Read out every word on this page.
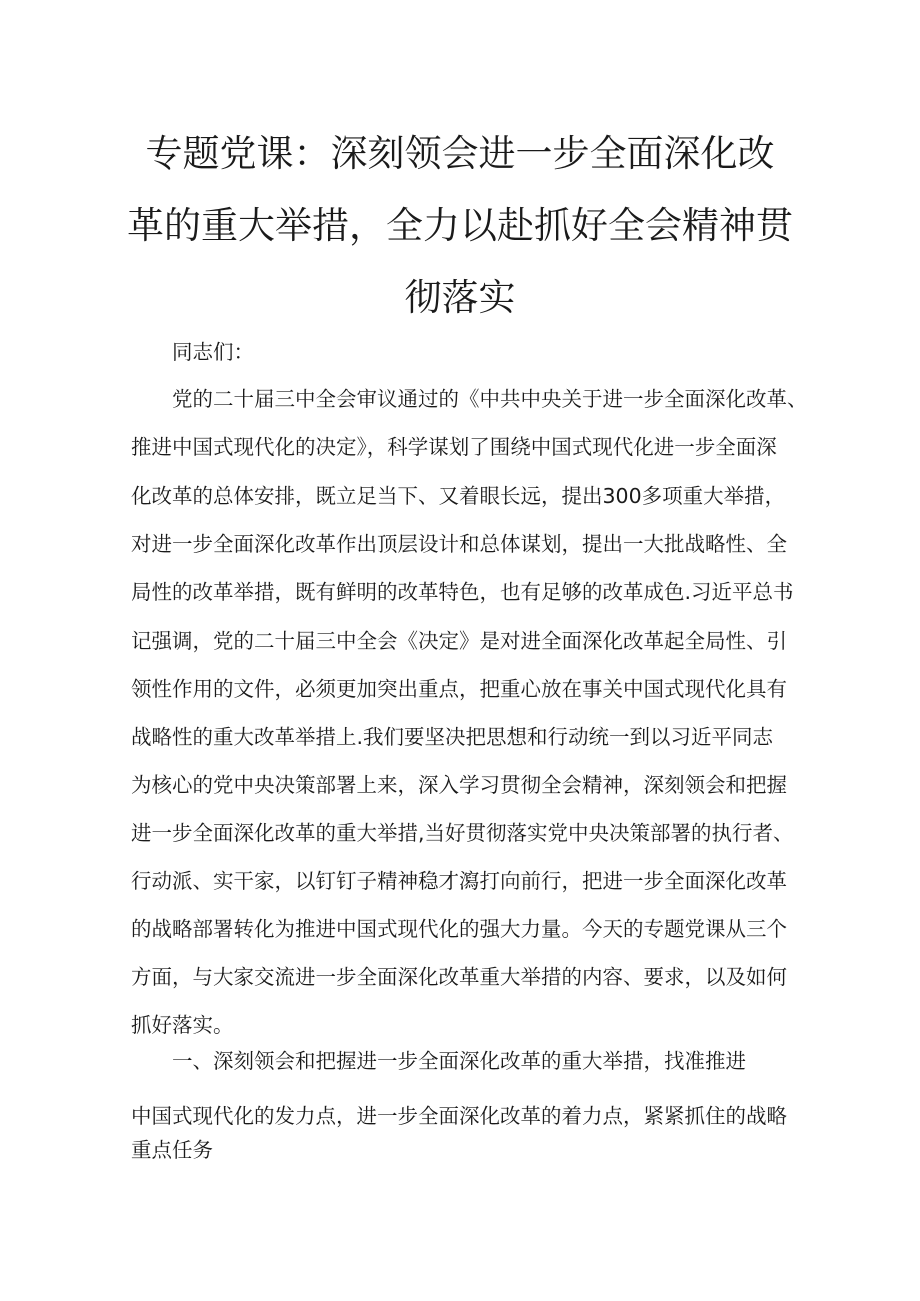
专题党课：深刻领会进一步全面深化改
革的重大举措，全力以赴抓好全会精神贯
彻落实

同志们：

党的二十届三中全会审议通过的《中共中央关于进一步全面深化改革、

推进中国式现代化的决定》，科学谋划了围绕中国式现代化进一步全面深

化改革的总体安排，既立足当下、又着眼长远，提出300多项重大举措，

对进一步全面深化改革作出顶层设计和总体谋划，提出一大批战略性、全

局性的改革举措，既有鲜明的改革特色，也有足够的改革成色.习近平总书

记强调，党的二十届三中全会《决定》是对进全面深化改革起全局性、引

领性作用的文件，必须更加突出重点，把重心放在事关中国式现代化具有

战略性的重大改革举措上.我们要坚决把思想和行动统一到以习近平同志

为核心的党中央决策部署上来，深入学习贯彻全会精神，深刻领会和把握

进一步全面深化改革的重大举措,当好贯彻落实党中央决策部署的执行者、

行动派、实干家，以钉钉子精神稳才瀉打向前行，把进一步全面深化改革

的战略部署转化为推进中国式现代化的强大力量。今天的专题党课从三个

方面，与大家交流进一步全面深化改革重大举措的内容、要求，以及如何

抓好落实。

一、深刻领会和把握进一步全面深化改革的重大举措，找准推进

中国式现代化的发力点，进一步全面深化改革的着力点，紧紧抓住的战略

重点任务
